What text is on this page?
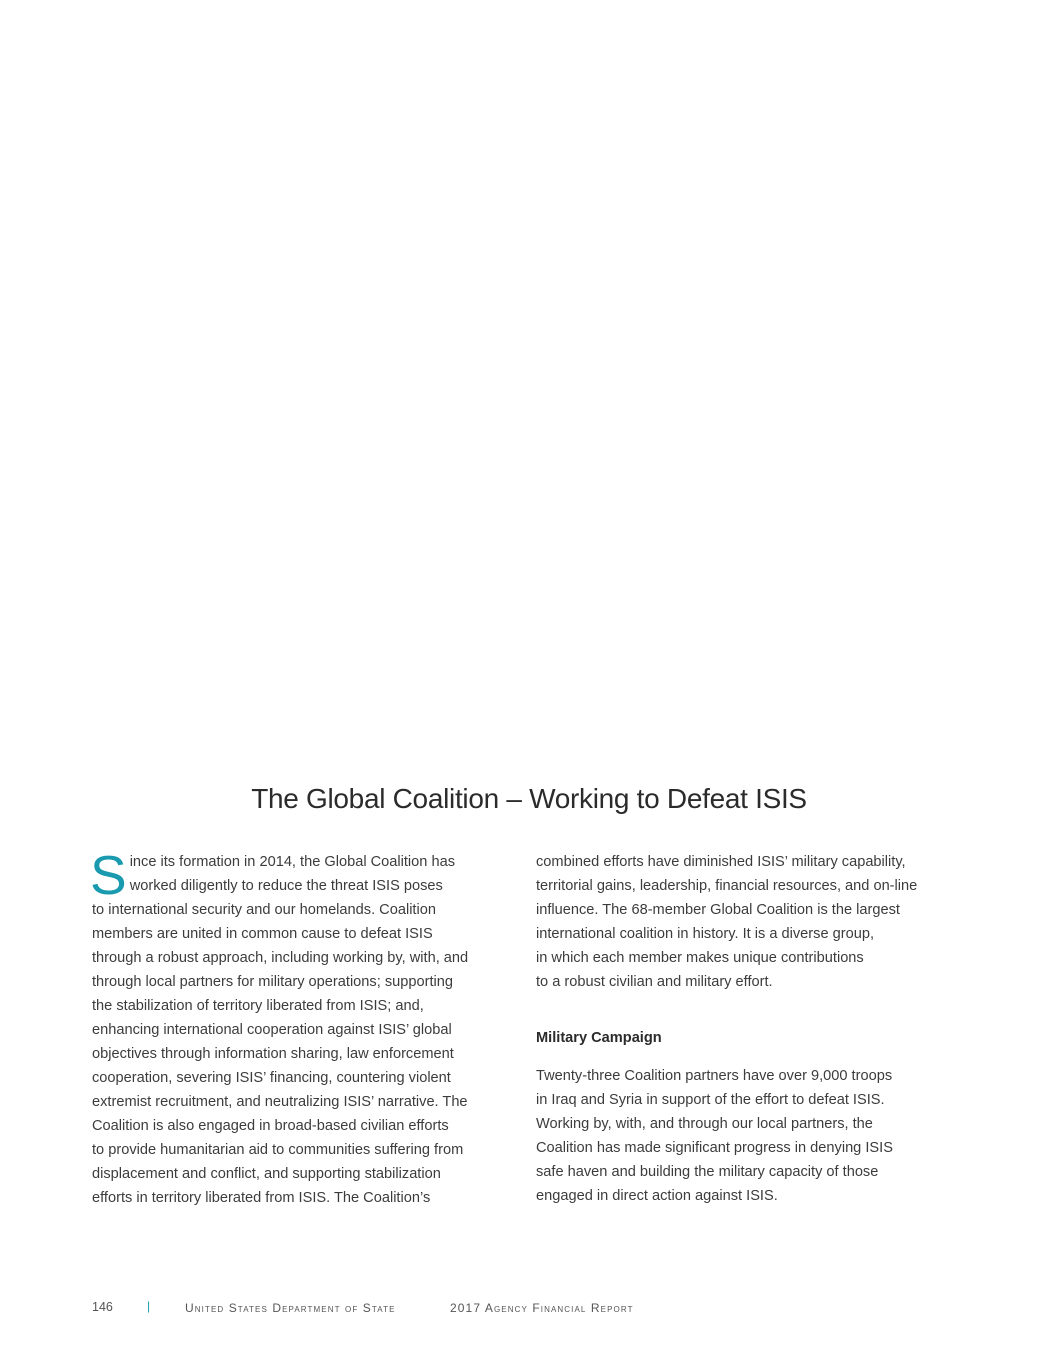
The Global Coalition – Working to Defeat ISIS

S ince its formation in 2014, the Global Coalition has
worked diligently to reduce the threat ISIS poses
to international security and our homelands. Coalition
members are united in common cause to defeat ISIS
through a robust approach, including working by, with, and
through local partners for military operations; supporting
the stabilization of territory liberated from ISIS; and,
enhancing international cooperation against ISIS’ global
objectives through information sharing, law enforcement
cooperation, severing ISIS’ financing, countering violent
extremist recruitment, and neutralizing ISIS’ narrative. The
Coalition is also engaged in broad-based civilian efforts
to provide humanitarian aid to communities suffering from
displacement and conflict, and supporting stabilization
efforts in territory liberated from ISIS. The Coalition’s

combined efforts have diminished ISIS’ military capability,
territorial gains, leadership, financial resources, and on-line
influence. The 68-member Global Coalition is the largest
international coalition in history. It is a diverse group,
in which each member makes unique contributions
to a robust civilian and military effort.

Military Campaign

Twenty-three Coalition partners have over 9,000 troops
in Iraq and Syria in support of the effort to defeat ISIS.
Working by, with, and through our local partners, the
Coalition has made significant progress in denying ISIS
safe haven and building the military capacity of those
engaged in direct action against ISIS.

146	|	United States Department of State	2017 Agency Financial Report
